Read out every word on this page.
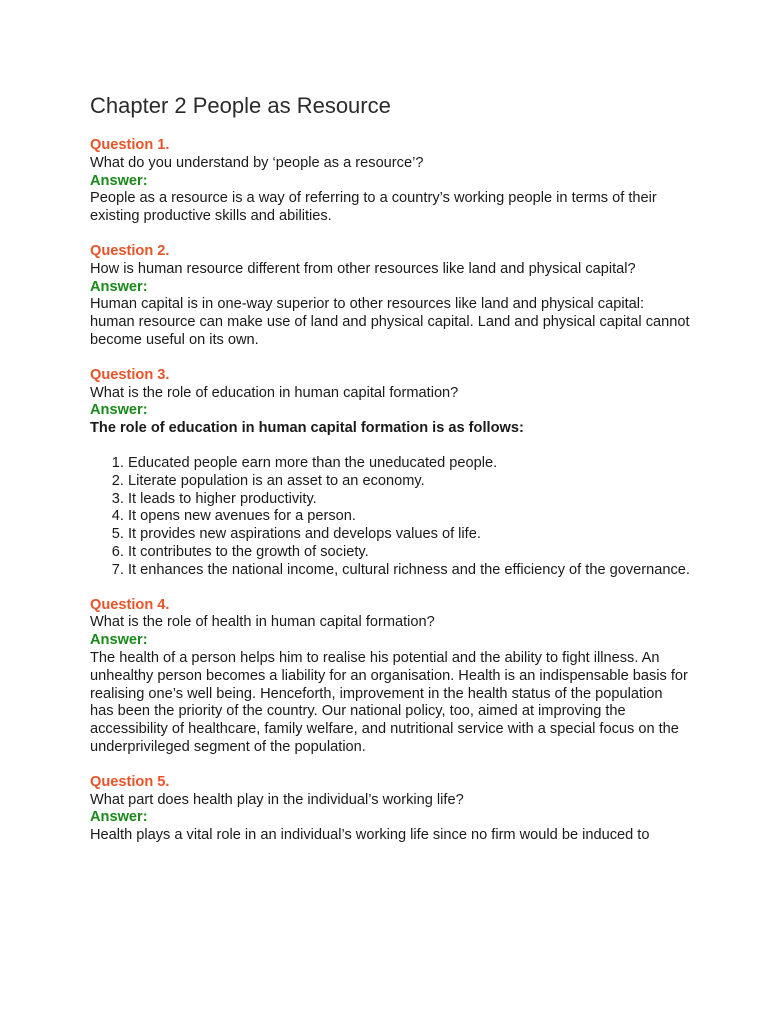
Chapter 2 People as Resource
Question 1.
What do you understand by ‘people as a resource’?
Answer:
People as a resource is a way of referring to a country’s working people in terms of their existing productive skills and abilities.
Question 2.
How is human resource different from other resources like land and physical capital?
Answer:
Human capital is in one-way superior to other resources like land and physical capital: human resource can make use of land and physical capital. Land and physical capital cannot become useful on its own.
Question 3.
What is the role of education in human capital formation?
Answer:
The role of education in human capital formation is as follows:
1. Educated people earn more than the uneducated people.
2. Literate population is an asset to an economy.
3. It leads to higher productivity.
4. It opens new avenues for a person.
5. It provides new aspirations and develops values of life.
6. It contributes to the growth of society.
7. It enhances the national income, cultural richness and the efficiency of the governance.
Question 4.
What is the role of health in human capital formation?
Answer:
The health of a person helps him to realise his potential and the ability to fight illness. An unhealthy person becomes a liability for an organisation. Health is an indispensable basis for realising one’s well being. Henceforth, improvement in the health status of the population has been the priority of the country. Our national policy, too, aimed at improving the accessibility of healthcare, family welfare, and nutritional service with a special focus on the underprivileged segment of the population.
Question 5.
What part does health play in the individual’s working life?
Answer:
Health plays a vital role in an individual’s working life since no firm would be induced to
